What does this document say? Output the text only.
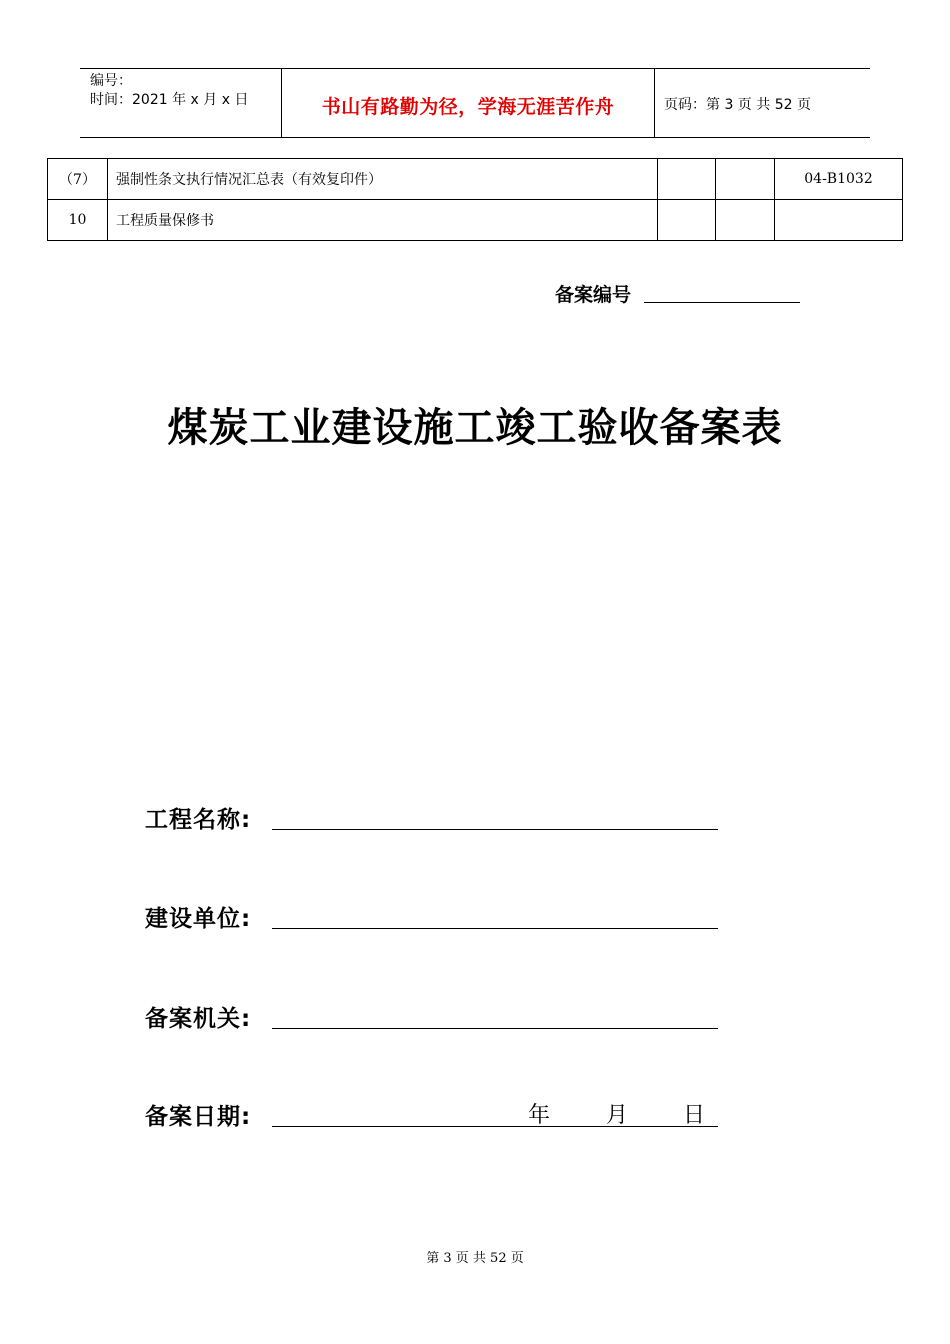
编号：
时间：2021 年 x 月 x 日	书山有路勤为径，学海无涯苦作舟	页码：第 3 页 共 52 页
（7）	强制性条文执行情况汇总表（有效复印件）			04-B1032
10	工程质量保修书			
备案编号
煤炭工业建设施工竣工验收备案表
工程名称:
建设单位:
备案机关:
备案日期:	年	月 日
第 3 页 共 52 页
